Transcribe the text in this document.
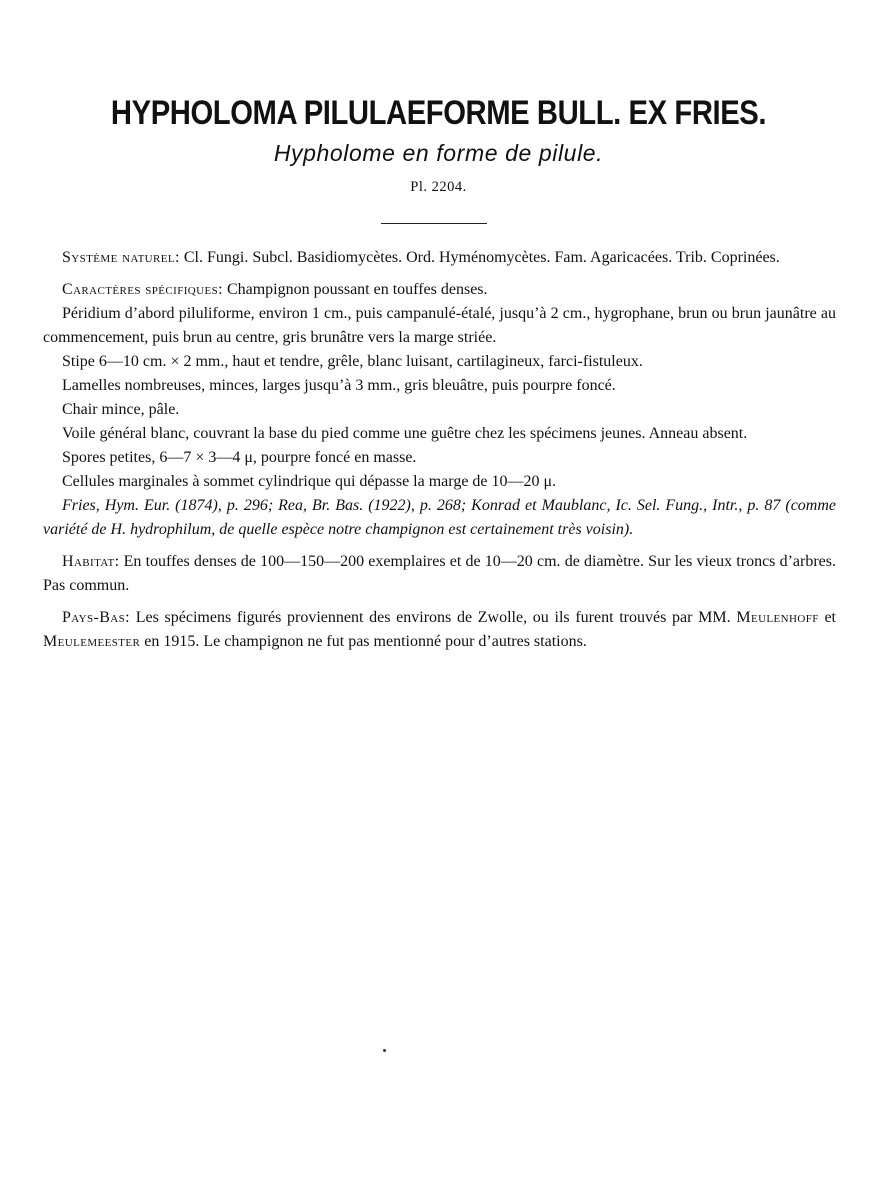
HYPHOLOMA PILULAEFORME BULL. EX FRIES.
Hypholome en forme de pilule.
Pl. 2204.

Système naturel: Cl. Fungi. Subcl. Basidiomycètes. Ord. Hyménomycètes. Fam. Agaricacées. Trib. Coprinées.

Caractères spécifiques: Champignon poussant en touffes denses.

Péridium d’abord piluliforme, environ 1 cm., puis campanulé-étalé, jusqu’à 2 cm., hygrophane, brun ou brun jaunâtre au commencement, puis brun au centre, gris brunâtre vers la marge striée.

Stipe 6—10 cm. × 2 mm., haut et tendre, grêle, blanc luisant, cartilagineux, farci-fistuleux.

Lamelles nombreuses, minces, larges jusqu’à 3 mm., gris bleuâtre, puis pourpre foncé.

Chair mince, pâle.

Voile général blanc, couvrant la base du pied comme une guêtre chez les spécimens jeunes. Anneau absent.

Spores petites, 6—7 × 3—4 μ, pourpre foncé en masse.

Cellules marginales à sommet cylindrique qui dépasse la marge de 10—20 μ.

Fries, Hym. Eur. (1874), p. 296; Rea, Br. Bas. (1922), p. 268; Konrad et Maublanc, Ic. Sel. Fung., Intr., p. 87 (comme variété de H. hydrophilum, de quelle espèce notre champignon est certainement très voisin).

Habitat: En touffes denses de 100—150—200 exemplaires et de 10—20 cm. de diamètre. Sur les vieux troncs d’arbres. Pas commun.

Pays-Bas: Les spécimens figurés proviennent des environs de Zwolle, ou ils furent trouvés par MM. Meulenhoff et Meulemeester en 1915. Le champignon ne fut pas mentionné pour d’autres stations.
